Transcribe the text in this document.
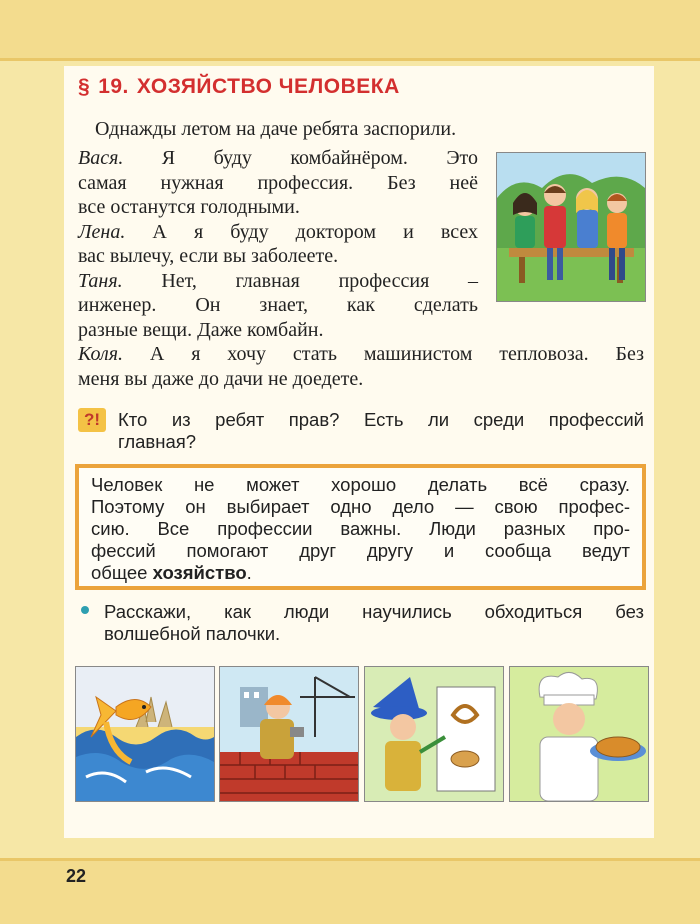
§ 19. ХОЗЯЙСТВО ЧЕЛОВЕКА
Однажды летом на даче ребята заспорили.
Вася. Я буду комбайнёром. Это
самая нужная профессия. Без неё
все останутся голодными.
Лена. А я буду доктором и всех
вас вылечу, если вы заболеете.
Таня. Нет, главная профессия –
инженер. Он знает, как сделать
разные вещи. Даже комбайн.
Коля. А я хочу стать машинистом тепловоза. Без
меня вы даже до дачи не доедете.
?! Кто из ребят прав? Есть ли среди профессий
главная?
Человек не может хорошо делать всё сразу.
Поэтому он выбирает одно дело — свою профес-
сию. Все профессии важны. Люди разных про-
фессий помогают друг другу и сообща ведут
общее хозяйство.
Расскажи, как люди научились обходиться без
волшебной палочки.
22
